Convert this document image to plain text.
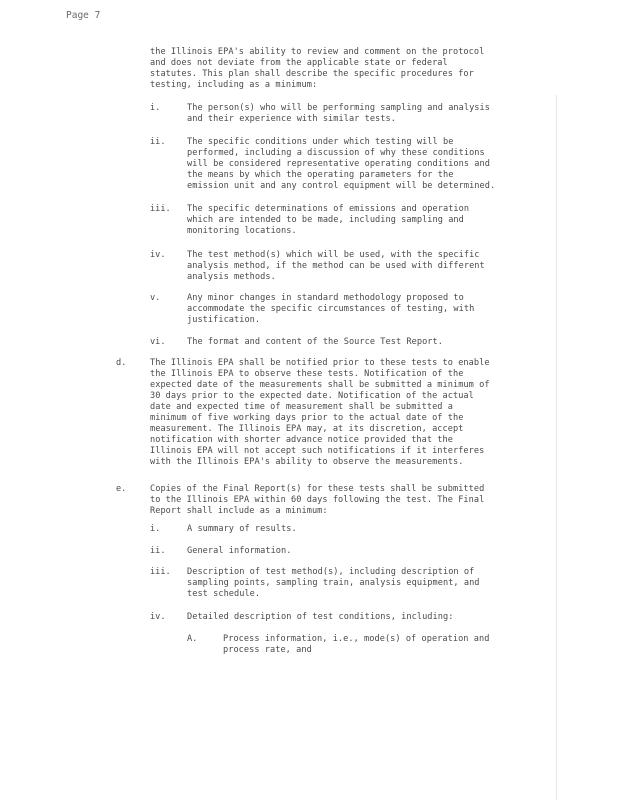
Page 7
the Illinois EPA's ability to review and comment on the protocol
and does not deviate from the applicable state or federal
statutes. This plan shall describe the specific procedures for
testing, including as a minimum:
i.	The person(s) who will be performing sampling and analysis
and their experience with similar tests.
ii. The specific conditions under which testing will be
performed, including a discussion of why these conditions
will be considered representative operating conditions and
the means by which the operating parameters for the
emission unit and any control equipment will be determined.
iii. The specific determinations of emissions and operation
which are intended to be made, including sampling and
monitoring locations.
iv. The test method(s) which will be used, with the specific
analysis method, if the method can be used with different
analysis methods.
v.	Any minor changes in standard methodology proposed to
accommodate the specific circumstances of testing, with
justification.
vi. The format and content of the Source Test Report.
d.	The Illinois EPA shall be notified prior to these tests to enable
the Illinois EPA to observe these tests. Notification of the
expected date of the measurements shall be submitted a minimum of
30 days prior to the expected date. Notification of the actual
date and expected time of measurement shall be submitted a
minimum of five working days prior to the actual date of the
measurement. The Illinois EPA may, at its discretion, accept
notification with shorter advance notice provided that the
Illinois EPA will not accept such notifications if it interferes
with the Illinois EPA's ability to observe the measurements.
e.	Copies of the Final Report(s) for these tests shall be submitted
to the Illinois EPA within 60 days following the test. The Final
Report shall include as a minimum:
i.	A summary of results.
ii. General information.
iii. Description of test method(s), including description of
sampling points, sampling train, analysis equipment, and
test schedule.
iv. Detailed description of test conditions, including:
A.	Process information, i.e., mode(s) of operation and
process rate, and
